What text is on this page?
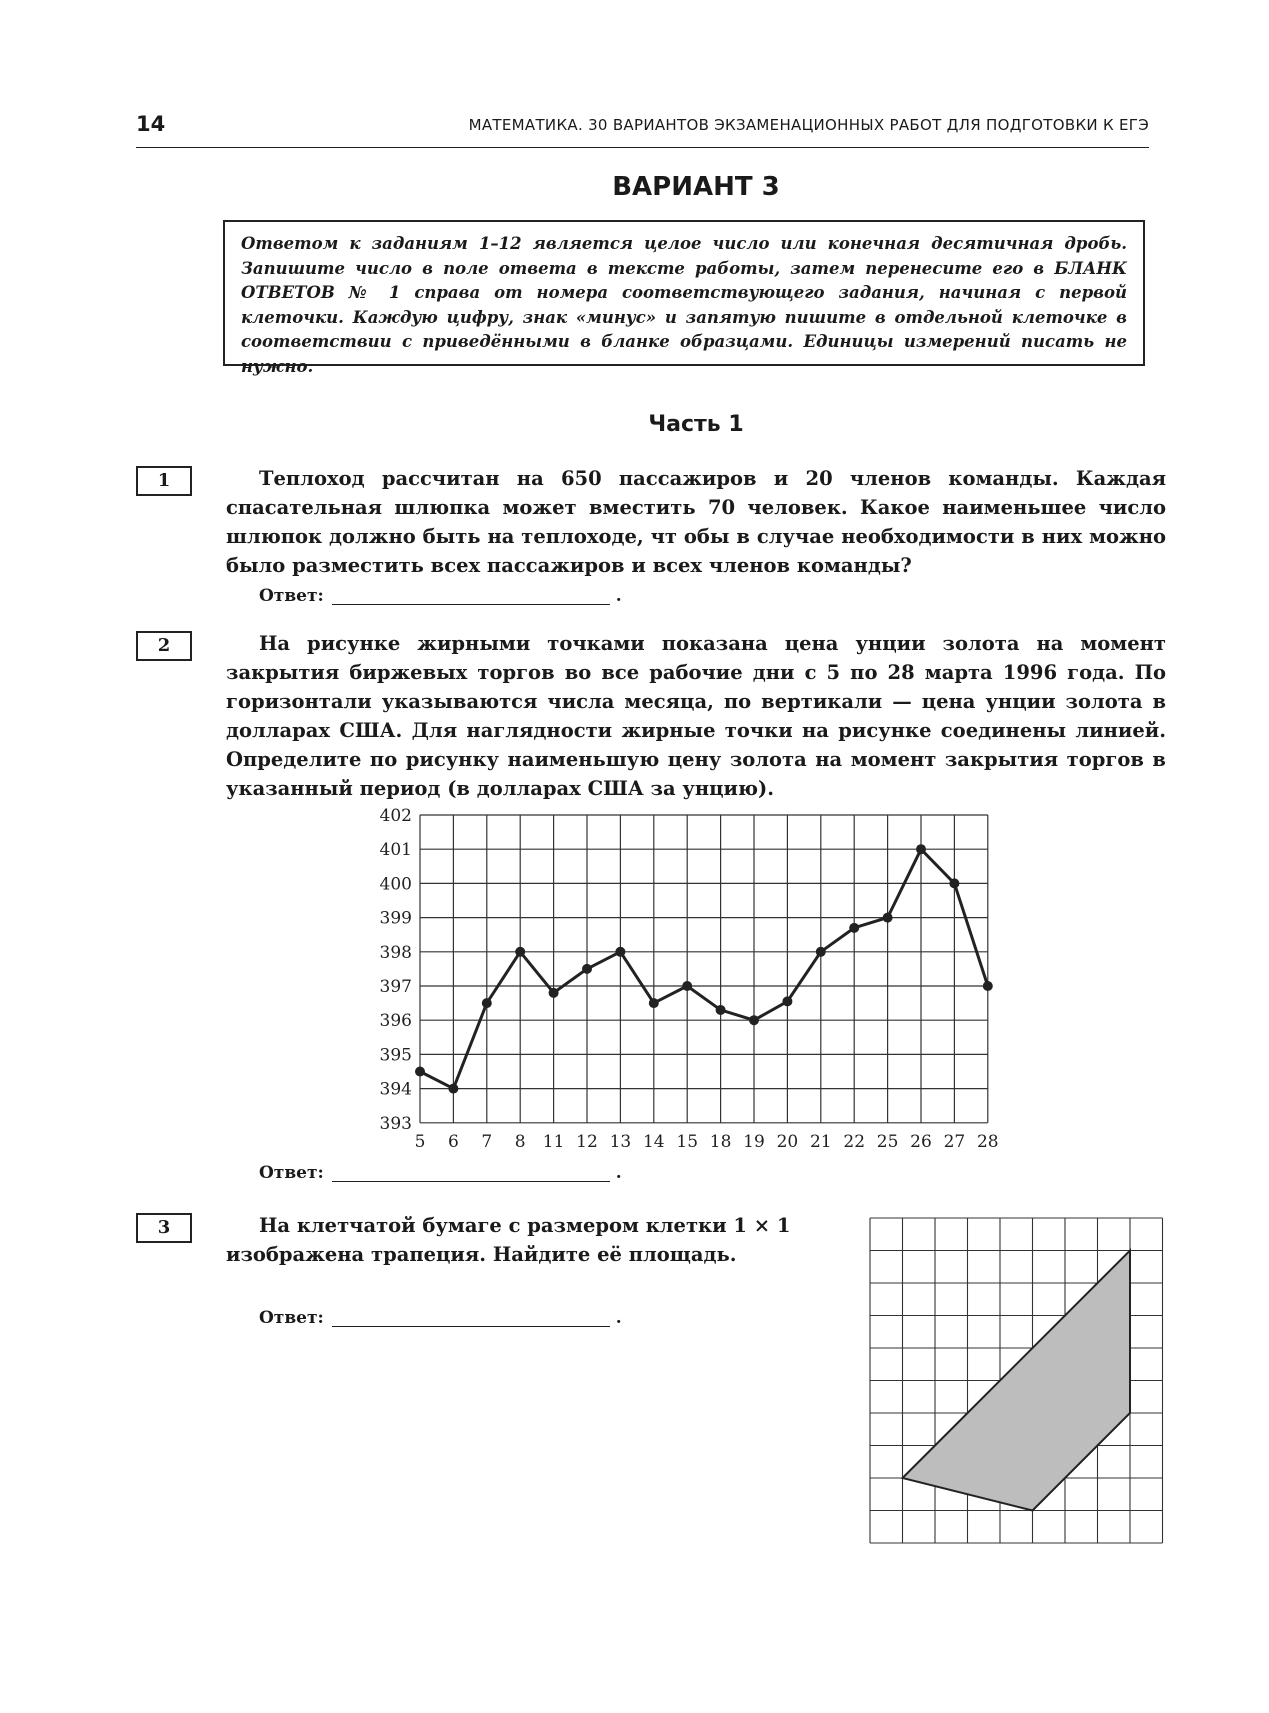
14	МАТЕМАТИКА. 30 ВАРИАНТОВ ЭКЗАМЕНАЦИОННЫХ РАБОТ ДЛЯ ПОДГОТОВКИ К ЕГЭ
ВАРИАНТ 3
Ответом к заданиям 1–12 является целое число или конечная десятичная дробь. Запишите число в поле ответа в тексте работы, затем перенесите его в БЛАНК ОТВЕТОВ № 1 справа от номера соответствующего задания, начиная с первой клеточки. Каждую цифру, знак «минус» и запятую пишите в отдельной клеточке в соответствии с приведёнными в бланке образцами. Единицы измерений писать не нужно.
Часть 1
1	Теплоход рассчитан на 650 пассажиров и 20 членов команды. Каждая спасательная шлюпка может вместить 70 человек. Какое наименьшее число шлюпок должно быть на теплоходе, чт обы в случае необходимости в них можно было разместить всех пассажиров и всех членов команды?

Ответ:	.
2	На рисунке жирными точками показана цена унции золота на момент закрытия биржевых торгов во все рабочие дни с 5 по 28 марта 1996 года. По горизонтали указываются числа месяца, по вертикали — цена унции золота в долларах США. Для наглядности жирные точки на рисунке соединены линией. Определите по рисунку наименьшую цену золота на момент закрытия торгов в указанный период (в долларах США за унцию).

393
394
395
396
397
398
399
400
401
402
5 6 7 8 11 12 13 14 15 18 19 20 21 22 25 26 27 28
Ответ:	.
3	На клетчатой бумаге с размером клетки 1 × 1 изображена трапеция. Найдите её площадь.

Ответ:	.
